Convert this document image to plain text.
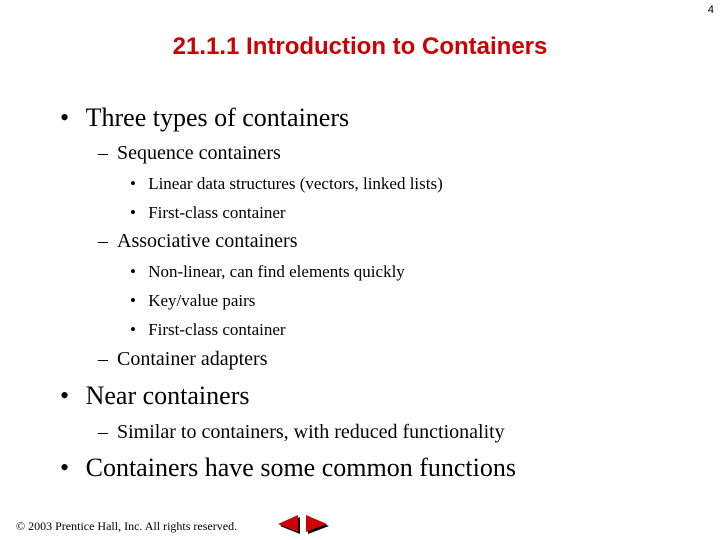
4
21.1.1 Introduction to Containers
• Three types of containers
– Sequence containers
• Linear data structures (vectors, linked lists)
• First-class container
– Associative containers
• Non-linear, can find elements quickly
• Key/value pairs
• First-class container
– Container adapters
• Near containers
– Similar to containers, with reduced functionality
• Containers have some common functions
© 2003 Prentice Hall, Inc. All rights reserved.
